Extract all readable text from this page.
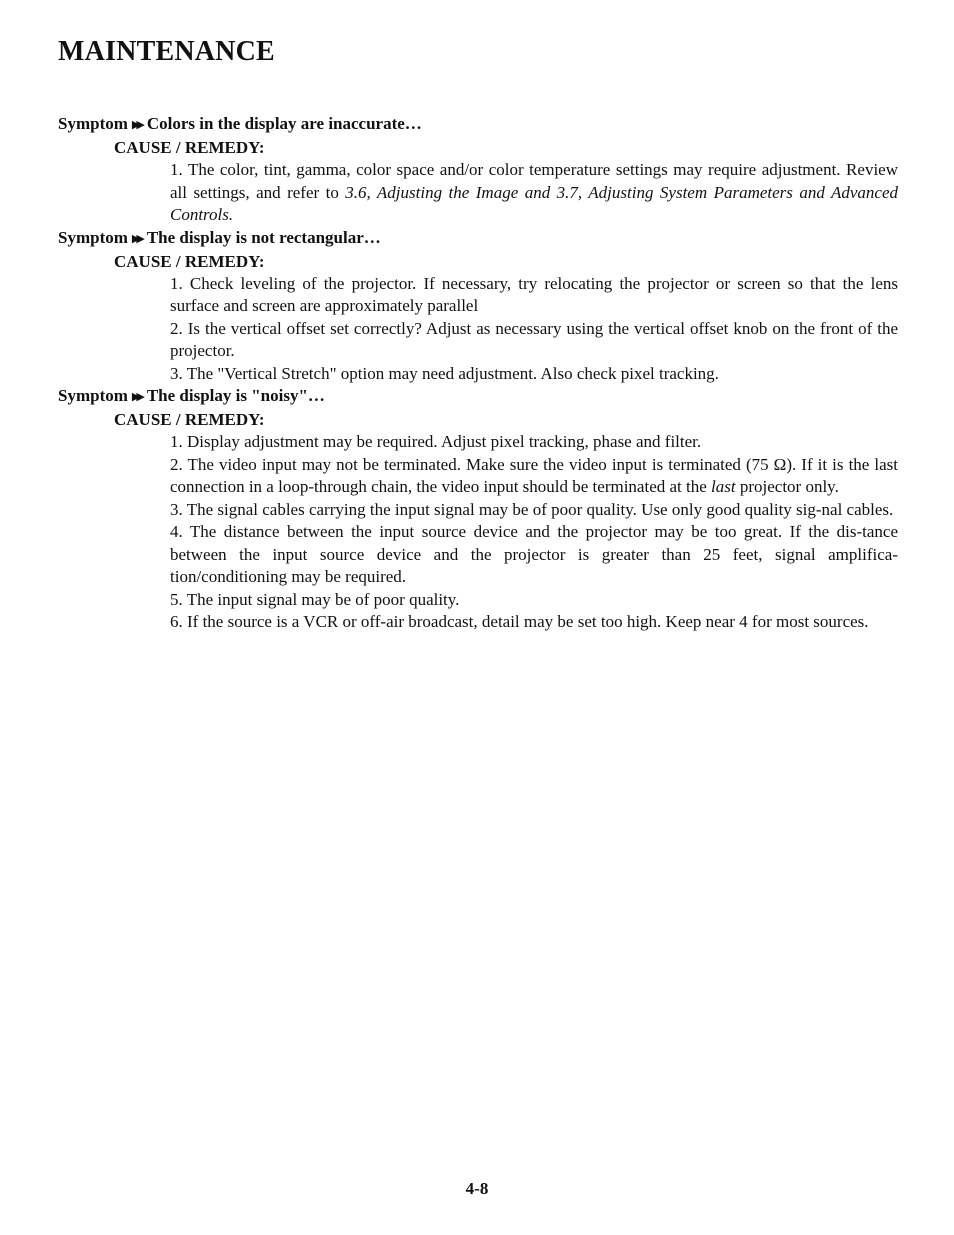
MAINTENANCE
Symptom ▶▶ Colors in the display are inaccurate…
CAUSE / REMEDY:

1. The color, tint, gamma, color space and/or color temperature settings may require adjustment. Review all settings, and refer to 3.6, Adjusting the Image and 3.7, Adjusting System Parameters and Advanced Controls.

Symptom ▶▶ The display is not rectangular…
CAUSE / REMEDY:

1. Check leveling of the projector. If necessary, try relocating the projector or screen so that the lens surface and screen are approximately parallel

2. Is the vertical offset set correctly? Adjust as necessary using the vertical offset knob on the front of the projector.

3. The "Vertical Stretch" option may need adjustment. Also check pixel tracking.

Symptom ▶▶ The display is "noisy"…
CAUSE / REMEDY:

1. Display adjustment may be required. Adjust pixel tracking, phase and filter.

2. The video input may not be terminated. Make sure the video input is terminated (75 Ω). If it is the last connection in a loop-through chain, the video input should be terminated at the last projector only.

3. The signal cables carrying the input signal may be of poor quality. Use only good quality sig-nal cables.

4. The distance between the input source device and the projector may be too great. If the dis-tance between the input source device and the projector is greater than 25 feet, signal amplifica-tion/conditioning may be required.

5. The input signal may be of poor quality.

6. If the source is a VCR or off-air broadcast, detail may be set too high. Keep near 4 for most sources.

4-8
